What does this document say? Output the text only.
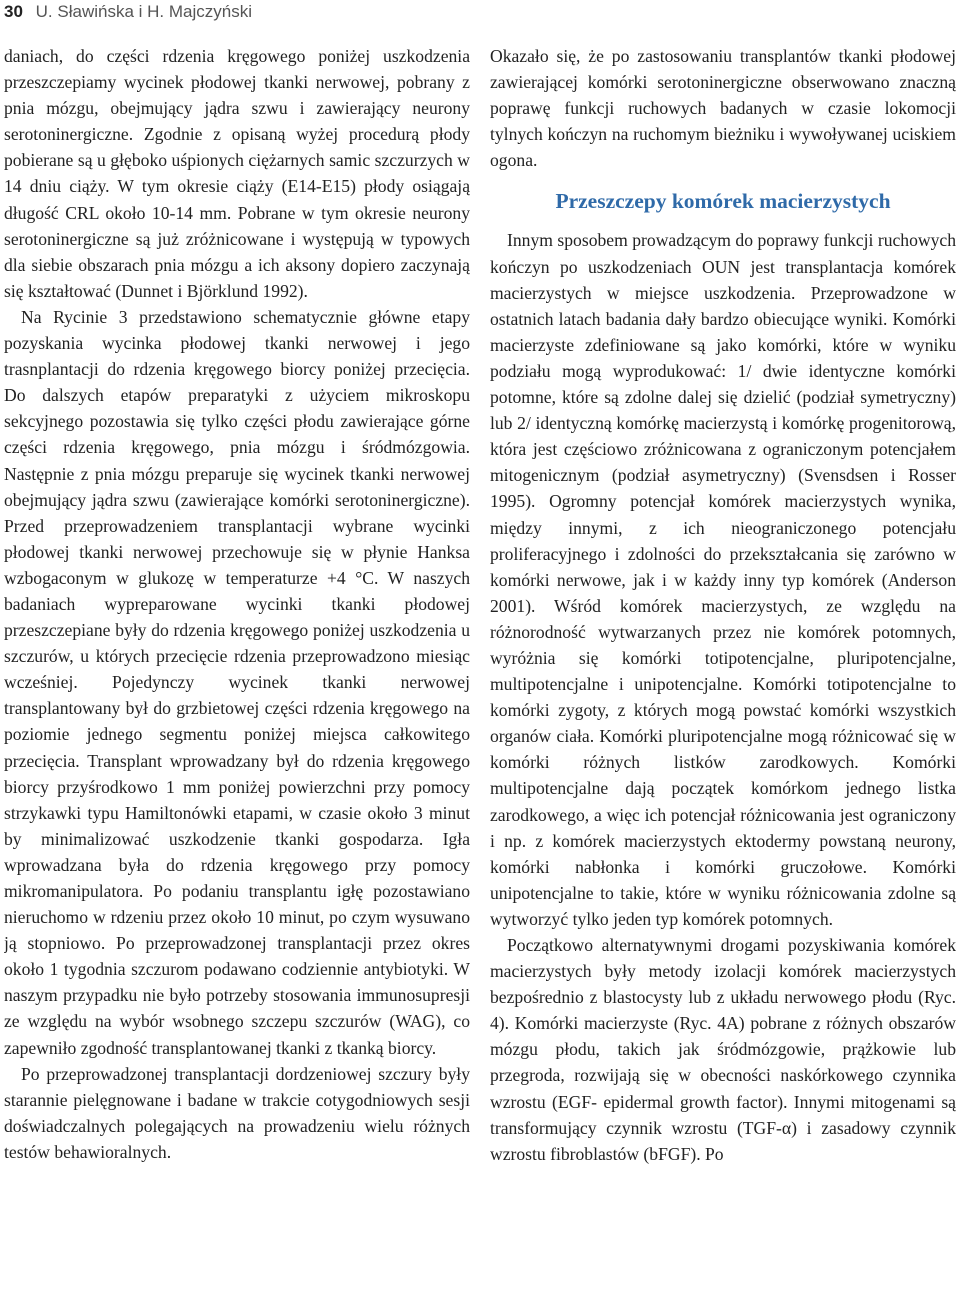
30 U. Sławińska i H. Majczyński

daniach, do części rdzenia kręgowego poniżej uszkodzenia przeszczepiamy wycinek płodowej tkanki nerwowej, pobrany z pnia mózgu, obejmujący jądra szwu i zawierający neurony serotoninergiczne. Zgodnie z opisaną wyżej procedurą płody pobierane są u głęboko uśpionych ciężarnych samic szczurzych w 14 dniu ciąży. W tym okresie ciąży (E14-E15) płody osiągają długość CRL około 10-14 mm. Pobrane w tym okresie neurony serotoninergiczne są już zróżnicowane i występują w typowych dla siebie obszarach pnia mózgu a ich aksony dopiero zaczynają się kształtować (Dunnet i Björklund 1992).

Na Rycinie 3 przedstawiono schematycznie główne etapy pozyskania wycinka płodowej tkanki nerwowej i jego trasnplantacji do rdzenia kręgowego biorcy poniżej przecięcia. Do dalszych etapów preparatyki z użyciem mikroskopu sekcyjnego pozostawia się tylko części płodu zawierające górne części rdzenia kręgowego, pnia mózgu i śródmózgowia. Następnie z pnia mózgu preparuje się wycinek tkanki nerwowej obejmujący jądra szwu (zawierające komórki serotoninergiczne). Przed przeprowadzeniem transplantacji wybrane wycinki płodowej tkanki nerwowej przechowuje się w płynie Hanksa wzbogaconym w glukozę w temperaturze +4 °C. W naszych badaniach wypreparowane wycinki tkanki płodowej przeszczepiane były do rdzenia kręgowego poniżej uszkodzenia u szczurów, u których przecięcie rdzenia przeprowadzono miesiąc wcześniej. Pojedynczy wycinek tkanki nerwowej transplantowany był do grzbietowej części rdzenia kręgowego na poziomie jednego segmentu poniżej miejsca całkowitego przecięcia. Transplant wprowadzany był do rdzenia kręgowego biorcy przyśrodkowo 1 mm poniżej powierzchni przy pomocy strzykawki typu Hamiltonówki etapami, w czasie około 3 minut by minimalizować uszkodzenie tkanki gospodarza. Igła wprowadzana była do rdzenia kręgowego przy pomocy mikromanipulatora. Po podaniu transplantu igłę pozostawiano nieruchomo w rdzeniu przez około 10 minut, po czym wysuwano ją stopniowo. Po przeprowadzonej transplantacji przez okres około 1 tygodnia szczurom podawano codziennie antybiotyki. W naszym przypadku nie było potrzeby stosowania immunosupresji ze względu na wybór wsobnego szczepu szczurów (WAG), co zapewniło zgodność transplantowanej tkanki z tkanką biorcy.

Po przeprowadzonej transplantacji dordzeniowej szczury były starannie pielęgnowane i badane w trakcie cotygodniowych sesji doświadczalnych polegających na prowadzeniu wielu różnych testów behawioralnych.

Okazało się, że po zastosowaniu transplantów tkanki płodowej zawierającej komórki serotoninergiczne obserwowano znaczną poprawę funkcji ruchowych badanych w czasie lokomocji tylnych kończyn na ruchomym bieżniku i wywoływanej uciskiem ogona.

Przeszczepy komórek macierzystych

Innym sposobem prowadzącym do poprawy funkcji ruchowych kończyn po uszkodzeniach OUN jest transplantacja komórek macierzystych w miejsce uszkodzenia. Przeprowadzone w ostatnich latach badania dały bardzo obiecujące wyniki. Komórki macierzyste zdefiniowane są jako komórki, które w wyniku podziału mogą wyprodukować: 1/ dwie identyczne komórki potomne, które są zdolne dalej się dzielić (podział symetryczny) lub 2/ identyczną komórkę macierzystą i komórkę progenitorową, która jest częściowo zróżnicowana z ograniczonym potencjałem mitogenicznym (podział asymetryczny) (Svensdsen i Rosser 1995). Ogromny potencjał komórek macierzystych wynika, między innymi, z ich nieograniczonego potencjału proliferacyjnego i zdolności do przekształcania się zarówno w komórki nerwowe, jak i w każdy inny typ komórek (Anderson 2001). Wśród komórek macierzystych, ze względu na różnorodność wytwarzanych przez nie komórek potomnych, wyróżnia się komórki totipotencjalne, pluripotencjalne, multipotencjalne i unipotencjalne. Komórki totipotencjalne to komórki zygoty, z których mogą powstać komórki wszystkich organów ciała. Komórki pluripotencjalne mogą różnicować się w komórki różnych listków zarodkowych. Komórki multipotencjalne dają początek komórkom jednego listka zarodkowego, a więc ich potencjał różnicowania jest ograniczony i np. z komórek macierzystych ektodermy powstaną neurony, komórki nabłonka i komórki gruczołowe. Komórki unipotencjalne to takie, które w wyniku różnicowania zdolne są wytworzyć tylko jeden typ komórek potomnych.

Początkowo alternatywnymi drogami pozyskiwania komórek macierzystych były metody izolacji komórek macierzystych bezpośrednio z blastocysty lub z układu nerwowego płodu (Ryc. 4). Komórki macierzyste (Ryc. 4A) pobrane z różnych obszarów mózgu płodu, takich jak śródmózgowie, prążkowie lub przegroda, rozwijają się w obecności naskórkowego czynnika wzrostu (EGF- epidermal growth factor). Innymi mitogenami są transformujący czynnik wzrostu (TGF-α) i zasadowy czynnik wzrostu fibroblastów (bFGF). Po
